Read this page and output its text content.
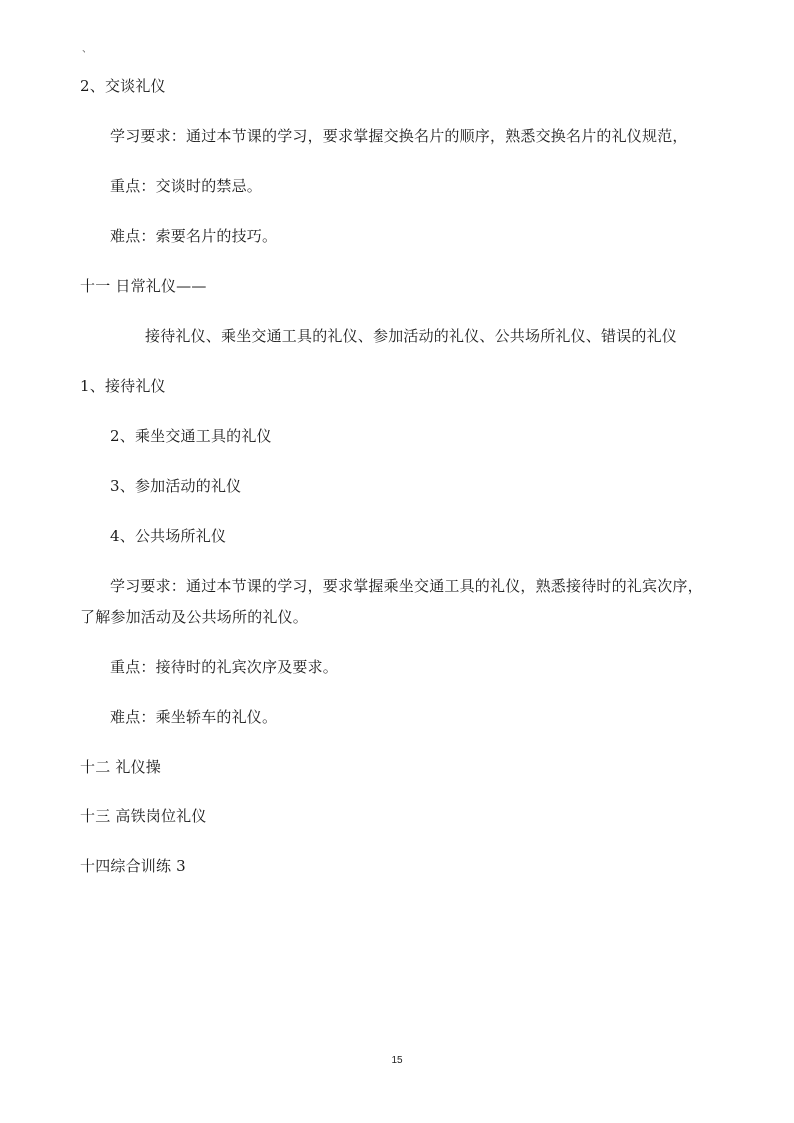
、
2、交谈礼仪
学习要求：通过本节课的学习，要求掌握交换名片的顺序，熟悉交换名片的礼仪规范，
重点：交谈时的禁忌。
难点：索要名片的技巧。
十一 日常礼仪——
接待礼仪、乘坐交通工具的礼仪、参加活动的礼仪、公共场所礼仪、错误的礼仪
1、接待礼仪
2、乘坐交通工具的礼仪
3、参加活动的礼仪
4、公共场所礼仪
学习要求：通过本节课的学习，要求掌握乘坐交通工具的礼仪，熟悉接待时的礼宾次序，
了解参加活动及公共场所的礼仪。
重点：接待时的礼宾次序及要求。
难点：乘坐轿车的礼仪。
十二 礼仪操
十三 高铁岗位礼仪
十四综合训练 3
15
